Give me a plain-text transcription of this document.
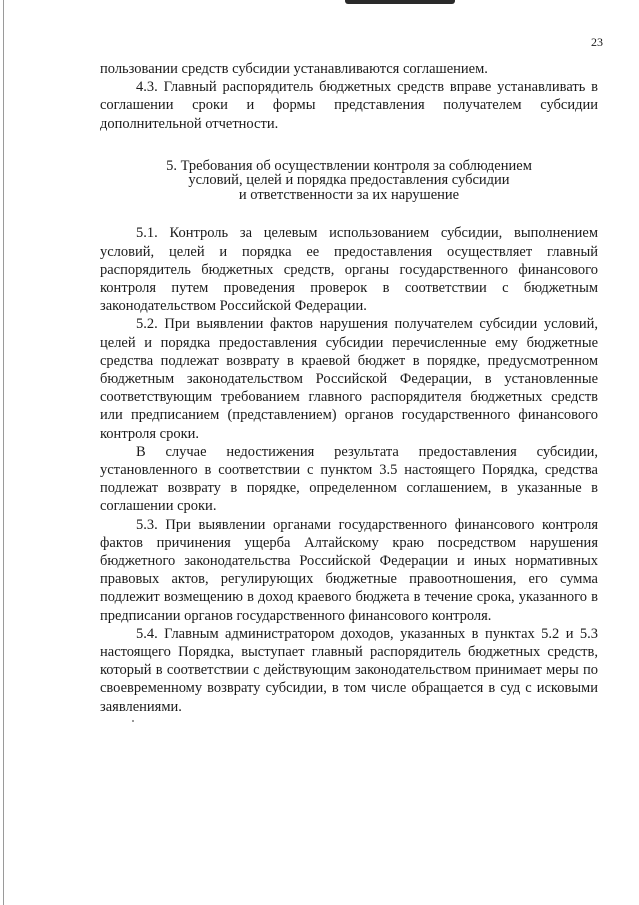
23

пользовании средств субсидии устанавливаются соглашением.

4.3. Главный распорядитель бюджетных средств вправе устанавливать в соглашении сроки и формы представления получателем субсидии дополнительной отчетности.

5. Требования об осуществлении контроля за соблюдением
условий, целей и порядка предоставления субсидии
и ответственности за их нарушение

5.1. Контроль за целевым использованием субсидии, выполнением условий, целей и порядка ее предоставления осуществляет главный распорядитель бюджетных средств, органы государственного финансового контроля путем проведения проверок в соответствии с бюджетным законодательством Российской Федерации.

5.2. При выявлении фактов нарушения получателем субсидии условий, целей и порядка предоставления субсидии перечисленные ему бюджетные средства подлежат возврату в краевой бюджет в порядке, предусмотренном бюджетным законодательством Российской Федерации, в установленные соответствующим требованием главного распорядителя бюджетных средств или предписанием (представлением) органов государственного финансового контроля сроки.

В случае недостижения результата предоставления субсидии, установленного в соответствии с пунктом 3.5 настоящего Порядка, средства подлежат возврату в порядке, определенном соглашением, в указанные в соглашении сроки.

5.3. При выявлении органами государственного финансового контроля фактов причинения ущерба Алтайскому краю посредством нарушения бюджетного законодательства Российской Федерации и иных нормативных правовых актов, регулирующих бюджетные правоотношения, его сумма подлежит возмещению в доход краевого бюджета в течение срока, указанного в предписании органов государственного финансового контроля.

5.4. Главным администратором доходов, указанных в пунктах 5.2 и 5.3 настоящего Порядка, выступает главный распорядитель бюджетных средств, который в соответствии с действующим законодательством принимает меры по своевременному возврату субсидии, в том числе обращается в суд с исковыми заявлениями.
